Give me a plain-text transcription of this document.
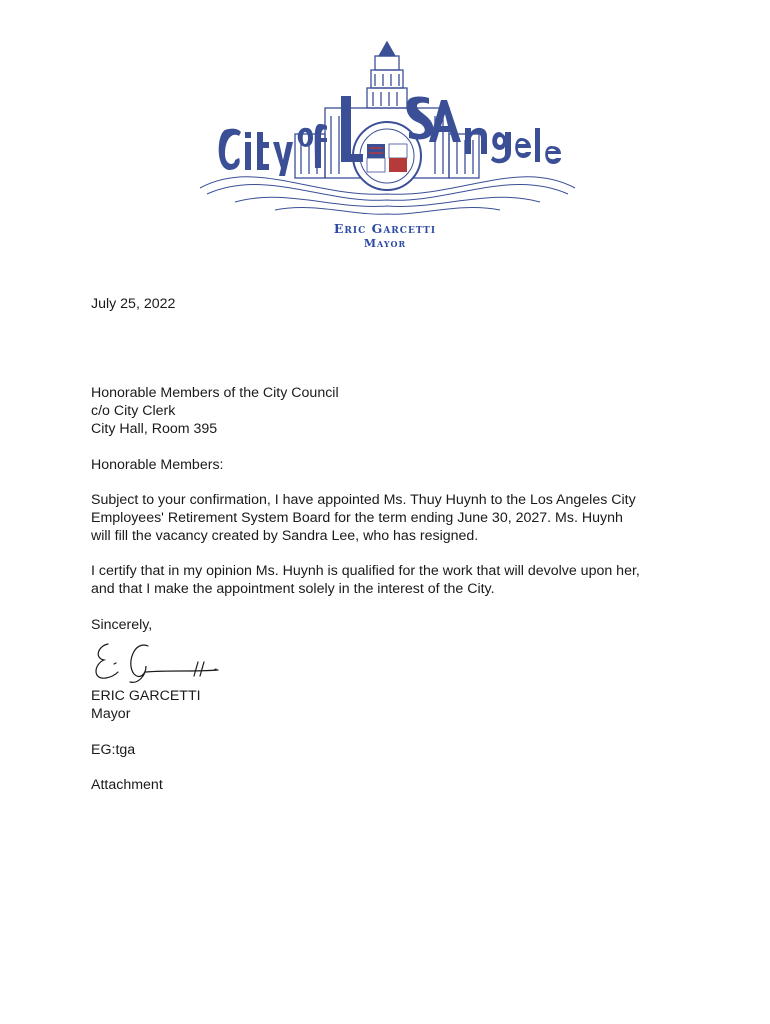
Eric Garcetti
Mayor
July 25, 2022
Honorable Members of the City Council
c/o City Clerk
City Hall, Room 395
Honorable Members:
Subject to your confirmation, I have appointed Ms. Thuy Huynh to the Los Angeles City
Employees' Retirement System Board for the term ending June 30, 2027. Ms. Huynh
will fill the vacancy created by Sandra Lee, who has resigned.
I certify that in my opinion Ms. Huynh is qualified for the work that will devolve upon her,
and that I make the appointment solely in the interest of the City.
Sincerely,
ERIC GARCETTI
Mayor
EG:tga
Attachment
